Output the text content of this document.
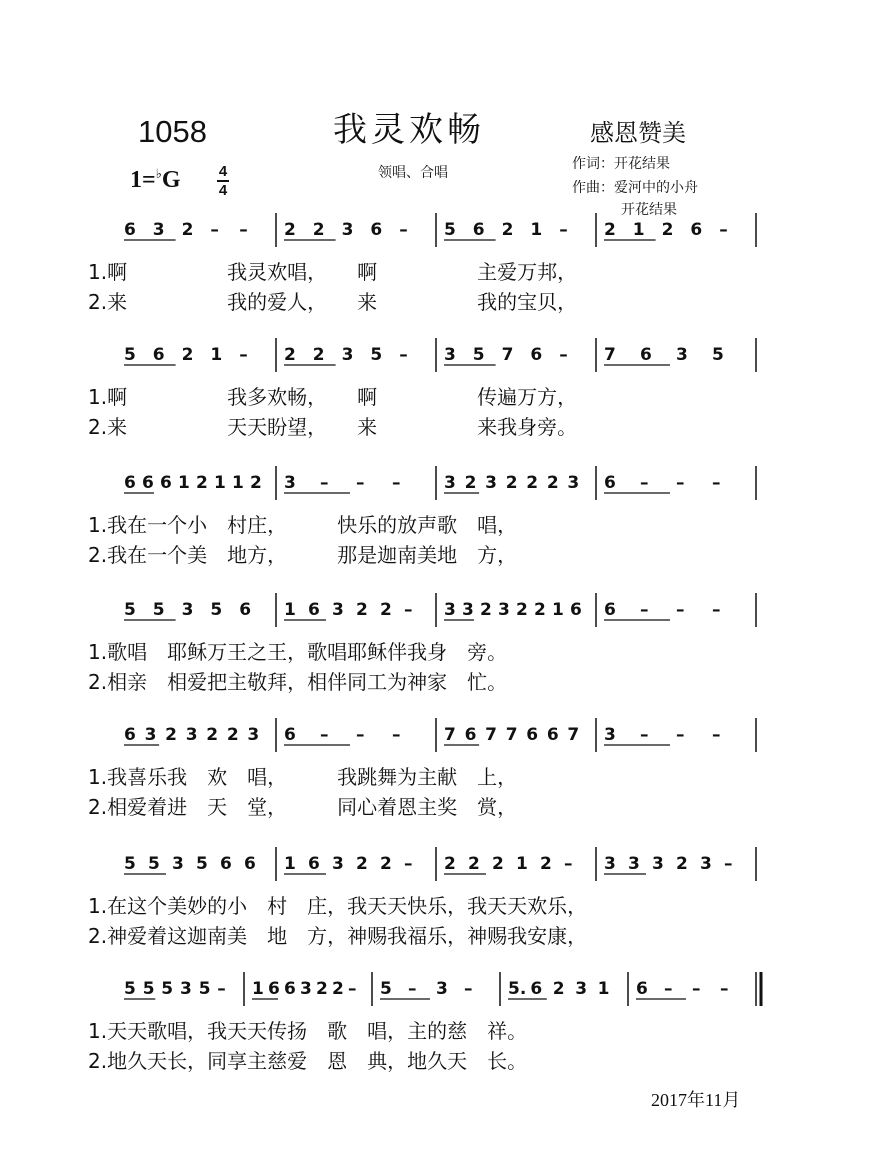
1058	我灵欢畅	感恩赞美
1=♭G	4
4
领唱、合唱
作词：开花结果
作曲：爱河中的小舟
开花结果
6 3 2 – – 2 2 3 6 – 5 6 2 1 – 2 1 2 6 –
1.啊　　　　　我灵欢唱，　　啊　　　　　主爱万邦，
2.来　　　　　我的爱人，　　来　　　　　我的宝贝，
5 6 2 1 – 2 2 3 5 – 3 5 7 6 – 7 6 3 5
1.啊　　　　　我多欢畅，　　啊　　　　　传遍万方，
2.来　　　　　天天盼望，　　来　　　　　来我身旁。
6 6 6 1 2 1 1 2 3 – – –	3 2 3 2 2 2 3 6 – – –
1.我在一个小　村庄，　　　快乐的放声歌　唱，
2.我在一个美　地方，　　　那是迦南美地　方，
5 5 3 5 6 1 6 3 2 2 – 3 3 2 3 2 2 1 6 6 – – –
1.歌唱　耶稣万王之王，歌唱耶稣伴我身　旁。
2.相亲　相爱把主敬拜，相伴同工为神家　忙。
6 3 2 3 2 2 3 6 – – –	7 6 7 7 6 6 7 3 – – –
1.我喜乐我　欢　唱，　　　我跳舞为主献　上，
2.相爱着进　天　堂，　　　同心着恩主奖　赏，
5 5 3 5 6 6 1 6 3 2 2 – 2 2 2 1 2 – 3 3 3 2 3 –
1.在这个美妙的小　村　庄，我天天快乐，我天天欢乐，
2.神爱着这迦南美　地　方，神赐我福乐，神赐我安康，
5 5 5 3 5 – 1 6 6 3 2 2 – 5 – 3 – 5. 6 2 3 1 6 – – –
1.天天歌唱，我天天传扬　歌　唱，主的慈　祥。
2.地久天长，同享主慈爱　恩　典，地久天　长。
2017年11月
